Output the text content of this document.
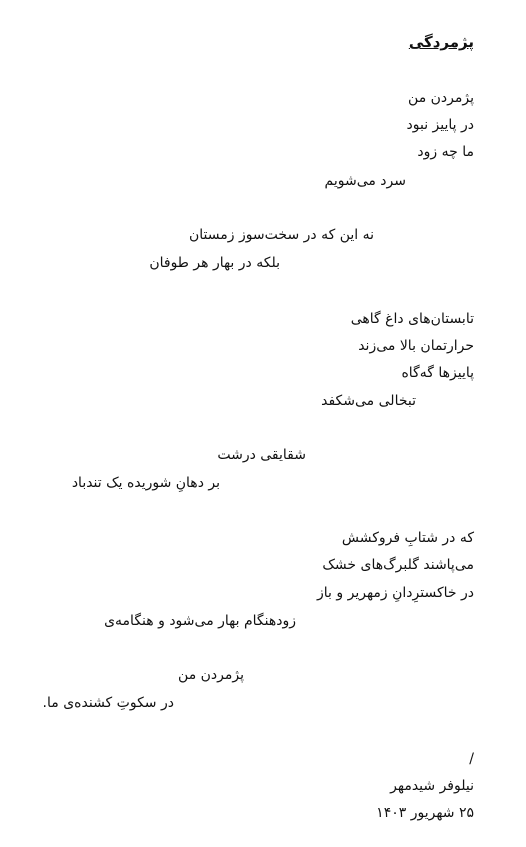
پژمردگی
پژمردن من
در پاییز نبود
ما چه زود
سرد می‌شویم
نه این که در سخت‌سوز زمستان
بلکه در بهار هر طوفان
تابستان‌های داغ گاهی
حرارتمان بالا می‌زند
پاییزها گه‌گاه
تبخالی می‌شکفد
شقایقی درشت
بر دهانِ شوریده یک تندباد
که در شتابِ فروکشش
می‌پاشند گلبرگ‌های خشک
در خاکسترِدانِ زمهریر و باز
زودهنگام بهار می‌شود و هنگامه‌ی
پژمردن من
در سکوتِ کشنده‌ی ما.
/
نیلوفر شیدمهر
۲۵ شهریور ۱۴۰۳
